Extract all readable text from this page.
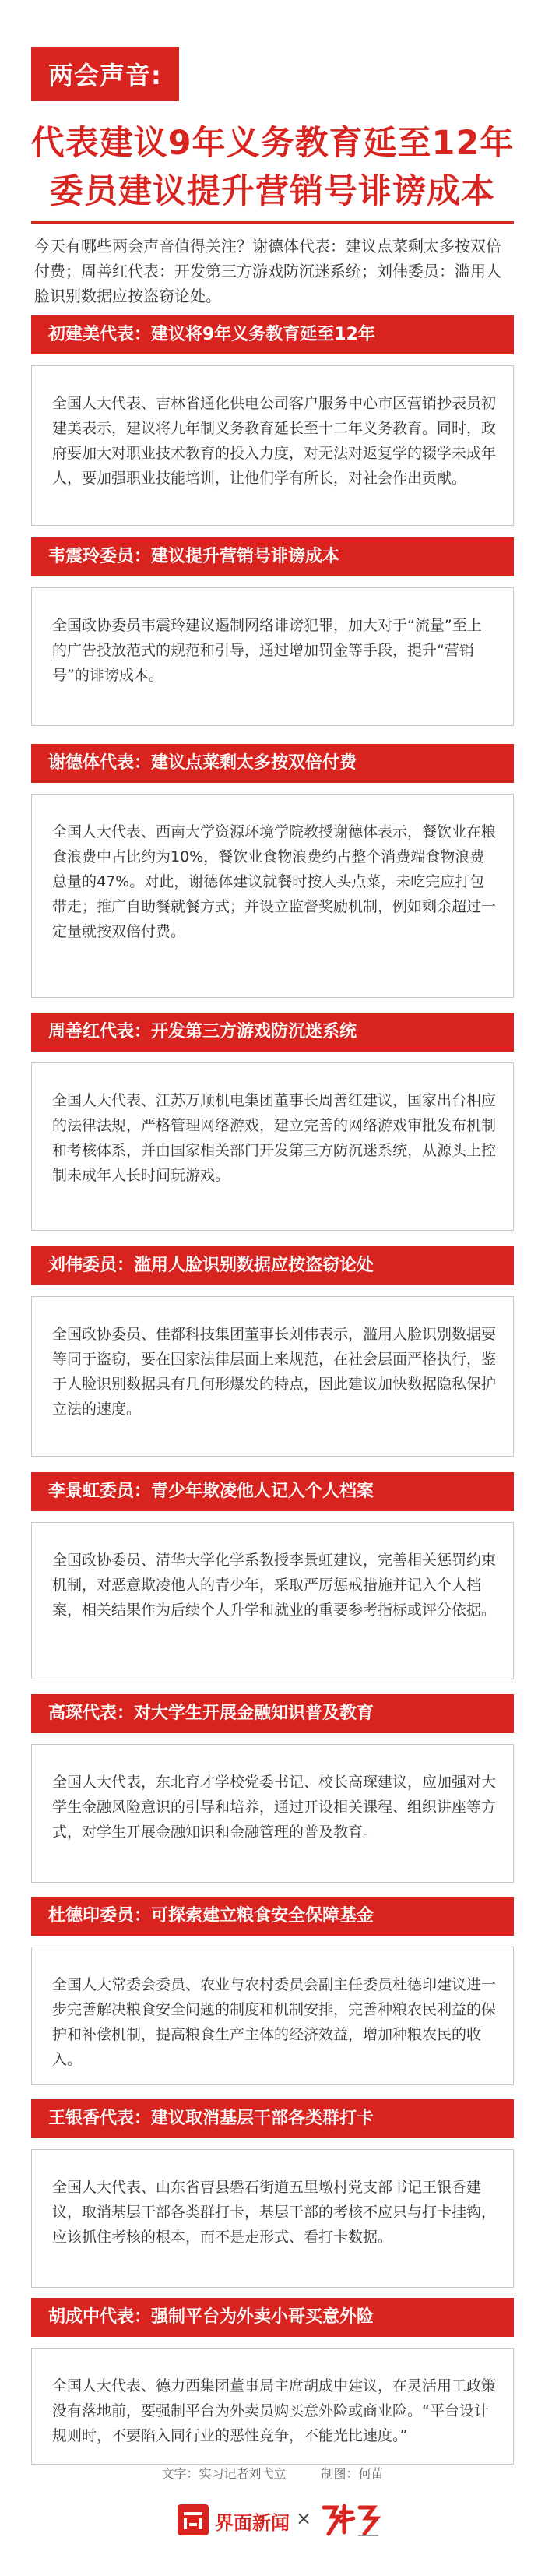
两会声音:
代表建议9年义务教育延至12年
委员建议提升营销号诽谤成本
今天有哪些两会声音值得关注？谢德体代表：建议点菜剩太多按双倍付费；周善红代表：开发第三方游戏防沉迷系统；刘伟委员：滥用人脸识别数据应按盗窃论处。
初建美代表：建议将9年义务教育延至12年
全国人大代表、吉林省通化供电公司客户服务中心市区营销抄表员初建美表示，建议将九年制义务教育延长至十二年义务教育。同时，政府要加大对职业技术教育的投入力度，对无法对返复学的辍学未成年人，要加强职业技能培训，让他们学有所长，对社会作出贡献。
韦震玲委员：建议提升营销号诽谤成本
全国政协委员韦震玲建议遏制网络诽谤犯罪，加大对于“流量”至上的广告投放范式的规范和引导，通过增加罚金等手段，提升“营销号”的诽谤成本。
谢德体代表：建议点菜剩太多按双倍付费
全国人大代表、西南大学资源环境学院教授谢德体表示，餐饮业在粮食浪费中占比约为10%，餐饮业食物浪费约占整个消费端食物浪费总量的47%。对此，谢德体建议就餐时按人头点菜，未吃完应打包带走；推广自助餐就餐方式；并设立监督奖励机制，例如剩余超过一定量就按双倍付费。
周善红代表：开发第三方游戏防沉迷系统
全国人大代表、江苏万顺机电集团董事长周善红建议，国家出台相应的法律法规，严格管理网络游戏，建立完善的网络游戏审批发布机制和考核体系，并由国家相关部门开发第三方防沉迷系统，从源头上控制未成年人长时间玩游戏。
刘伟委员：滥用人脸识别数据应按盗窃论处
全国政协委员、佳都科技集团董事长刘伟表示，滥用人脸识别数据要等同于盗窃，要在国家法律层面上来规范，在社会层面严格执行，鉴于人脸识别数据具有几何形爆发的特点，因此建议加快数据隐私保护立法的速度。
李景虹委员：青少年欺凌他人记入个人档案
全国政协委员、清华大学化学系教授李景虹建议，完善相关惩罚约束机制，对恶意欺凌他人的青少年，采取严厉惩戒措施并记入个人档案，相关结果作为后续个人升学和就业的重要参考指标或评分依据。
高琛代表：对大学生开展金融知识普及教育
全国人大代表，东北育才学校党委书记、校长高琛建议，应加强对大学生金融风险意识的引导和培养，通过开设相关课程、组织讲座等方式，对学生开展金融知识和金融管理的普及教育。
杜德印委员：可探索建立粮食安全保障基金
全国人大常委会委员、农业与农村委员会副主任委员杜德印建议进一步完善解决粮食安全问题的制度和机制安排，完善种粮农民利益的保护和补偿机制，提高粮食生产主体的经济效益，增加种粮农民的收入。
王银香代表：建议取消基层干部各类群打卡
全国人大代表、山东省曹县磐石街道五里墩村党支部书记王银香建议，取消基层干部各类群打卡，基层干部的考核不应只与打卡挂钩，应该抓住考核的根本，而不是走形式、看打卡数据。
胡成中代表：强制平台为外卖小哥买意外险
全国人大代表、德力西集团董事局主席胡成中建议，在灵活用工政策没有落地前，要强制平台为外卖员购买意外险或商业险。“平台设计规则时，不要陷入同行业的恶性竞争，不能光比速度。”
文字：实习记者刘弋立	制图：何苗
界面新闻 ×
